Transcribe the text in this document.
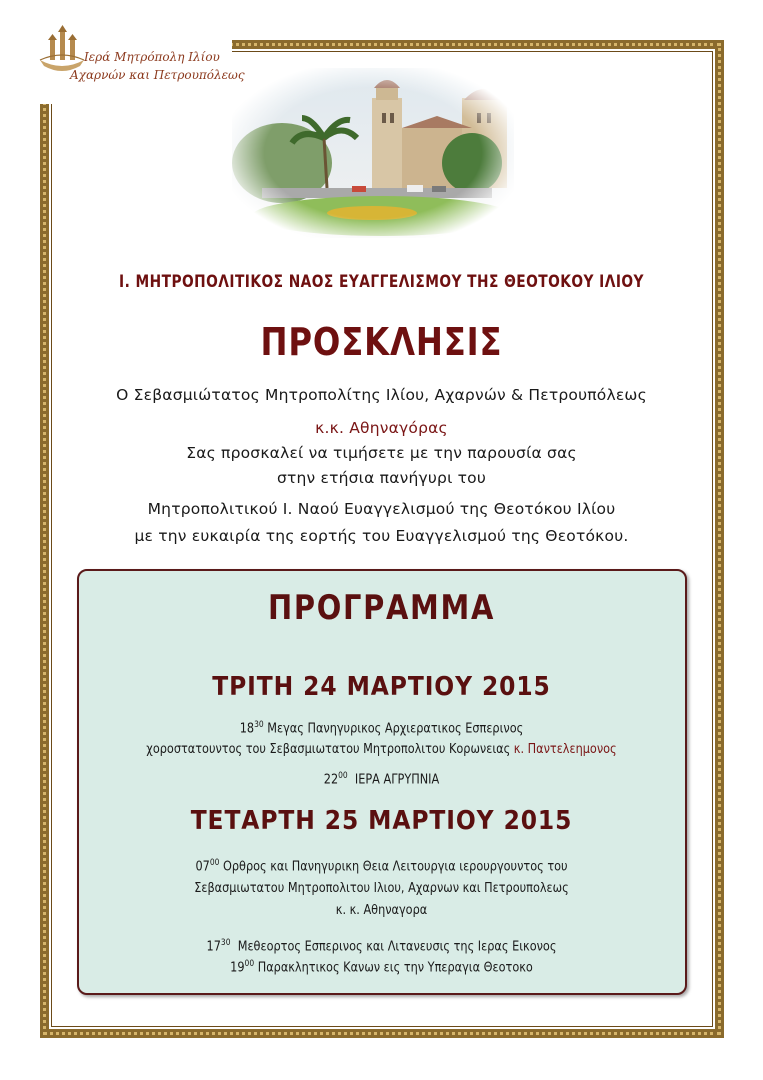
Ιερά Μητρόπολη Ιλίου
Αχαρνών και Πετρουπόλεως
Ι. ΜΗΤΡΟΠΟΛΙΤΙΚΟΣ ΝΑΟΣ ΕΥΑΓΓΕΛΙΣΜΟΥ ΤΗΣ ΘΕΟΤΟΚΟΥ ΙΛΙΟΥ
ΠΡΟΣΚΛΗΣΙΣ
Ο Σεβασμιώτατος Μητροπολίτης Ιλίου, Αχαρνών & Πετρουπόλεως
κ.κ. Αθηναγόρας
Σας προσκαλεί να τιμήσετε με την παρουσία σας
στην ετήσια πανήγυρι του
Μητροπολιτικού Ι. Ναού Ευαγγελισμού της Θεοτόκου Ιλίου
με την ευκαιρία της εορτής του Ευαγγελισμού της Θεοτόκου.
ΠΡΟΓΡΑΜΜΑ
ΤΡΙΤΗ 24 ΜΑΡΤΙΟΥ 2015
$18^{30}$ Μεγας Πανηγυρικος Αρχιερατικος Εσπερινος
χοροστατουντος του Σεβασμιωτατου Μητροπολιτου Κορωνειας κ. Παντελεημονος
$22^{00}$ ΙΕΡΑ ΑΓΡΥΠΝΙΑ
ΤΕΤΑΡΤΗ 25 ΜΑΡΤΙΟΥ 2015
$07^{00}$ Ορθρος και Πανηγυρικη Θεια Λειτουργια ιερουργουντος του
Σεβασμιωτατου Μητροπολιτου Ιλιου, Αχαρνων και Πετρουπολεως
κ. κ. Αθηναγορα
$17^{30}$ Μεθεορτος Εσπερινος και Λιτανευσις της Ιερας Εικονος
$19^{00}$ Παρακλητικος Κανων εις την Υπεραγια Θεοτοκο
